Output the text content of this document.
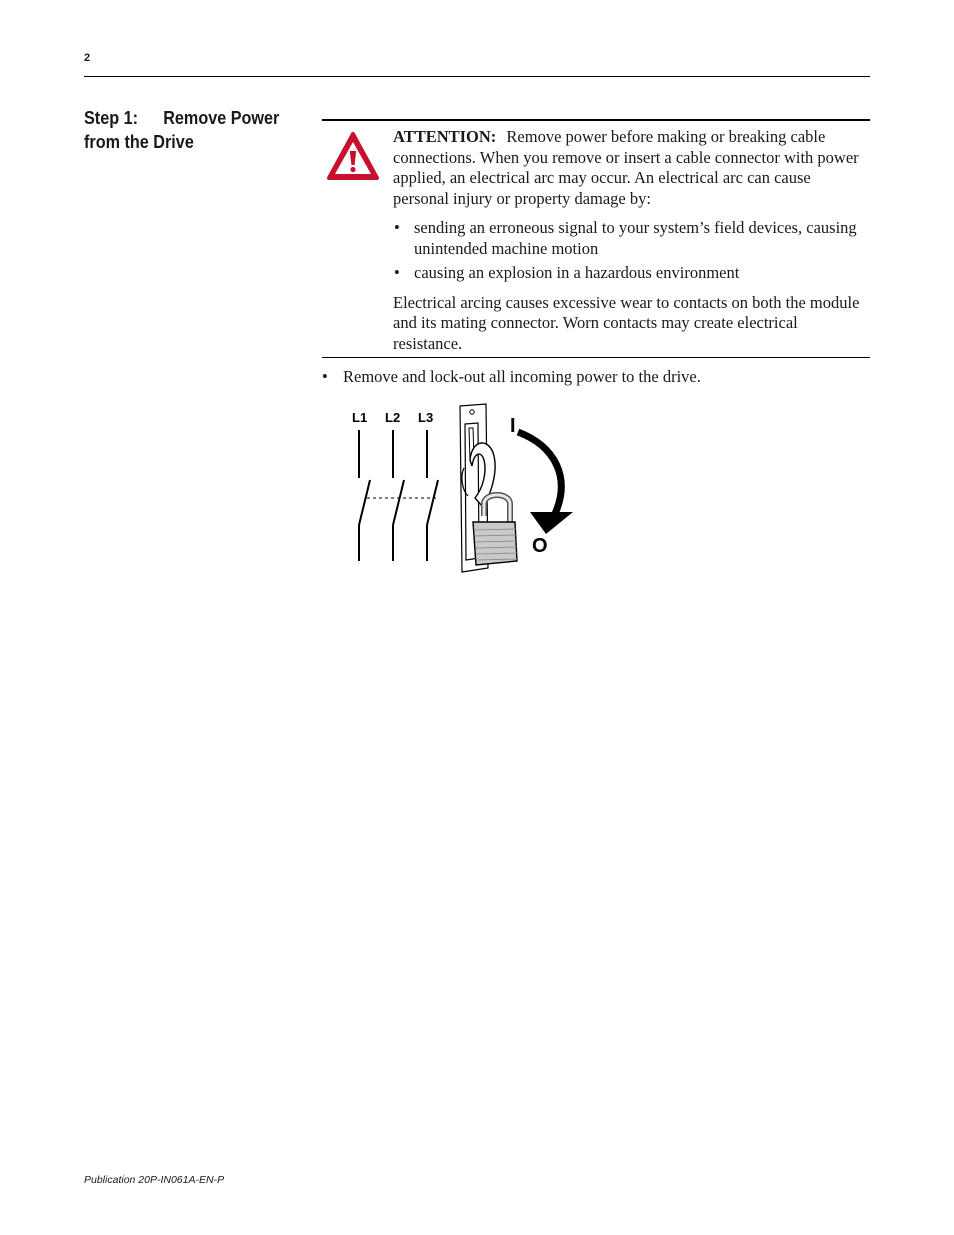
2
Step 1: Remove Power from the Drive	ATTENTION: Remove power before making or breaking cable connections. When you remove or insert a cable connector with power applied, an electrical arc may occur. An electrical arc can cause personal injury or property damage by:

• sending an erroneous signal to your system’s field devices, causing unintended machine motion
• causing an explosion in a hazardous environment

Electrical arcing causes excessive wear to contacts on both the module and its mating connector. Worn contacts may create electrical resistance.

• Remove and lock-out all incoming power to the drive.
L1 L2 L3	I
O
Publication 20P-IN061A-EN-P
